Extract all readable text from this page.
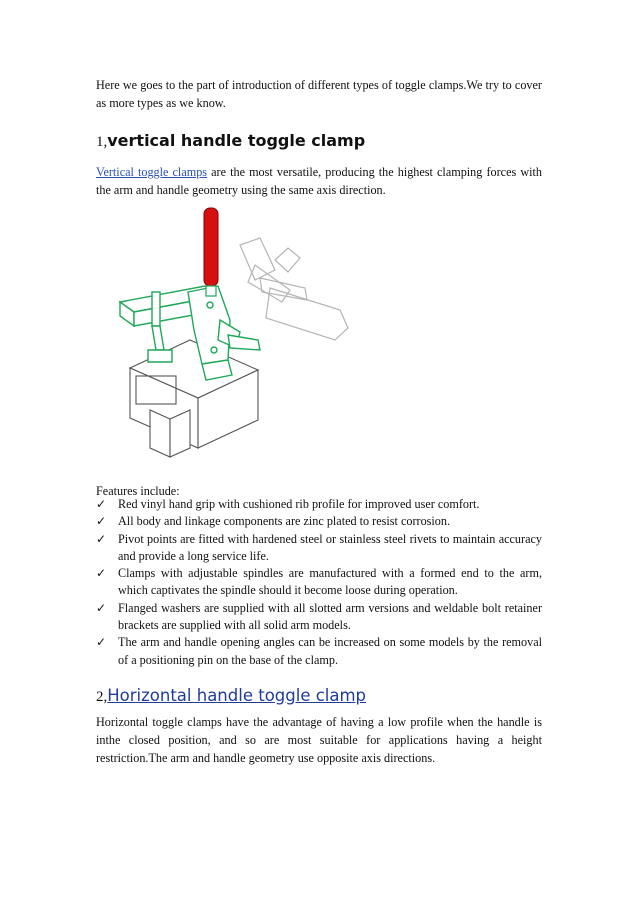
Here we goes to the part of introduction of different types of toggle clamps.We try to cover as more types as we know.

1,vertical handle toggle clamp

Vertical toggle clamps are the most versatile, producing the highest clamping forces with the arm and handle geometry using the same axis direction.

Features include:
✓ Red vinyl hand grip with cushioned rib profile for improved user comfort.
✓ All body and linkage components are zinc plated to resist corrosion.
✓ Pivot points are fitted with hardened steel or stainless steel rivets to maintain accuracy and provide a long service life.
✓ Clamps with adjustable spindles are manufactured with a formed end to the arm, which captivates the spindle should it become loose during operation.
✓ Flanged washers are supplied with all slotted arm versions and weldable bolt retainer brackets are supplied with all solid arm models.
✓ The arm and handle opening angles can be increased on some models by the removal of a positioning pin on the base of the clamp.
2,Horizontal handle toggle clamp

Horizontal toggle clamps have the advantage of having a low profile when the handle is inthe closed position, and so are most suitable for applications having a height restriction.The arm and handle geometry use opposite axis directions.
